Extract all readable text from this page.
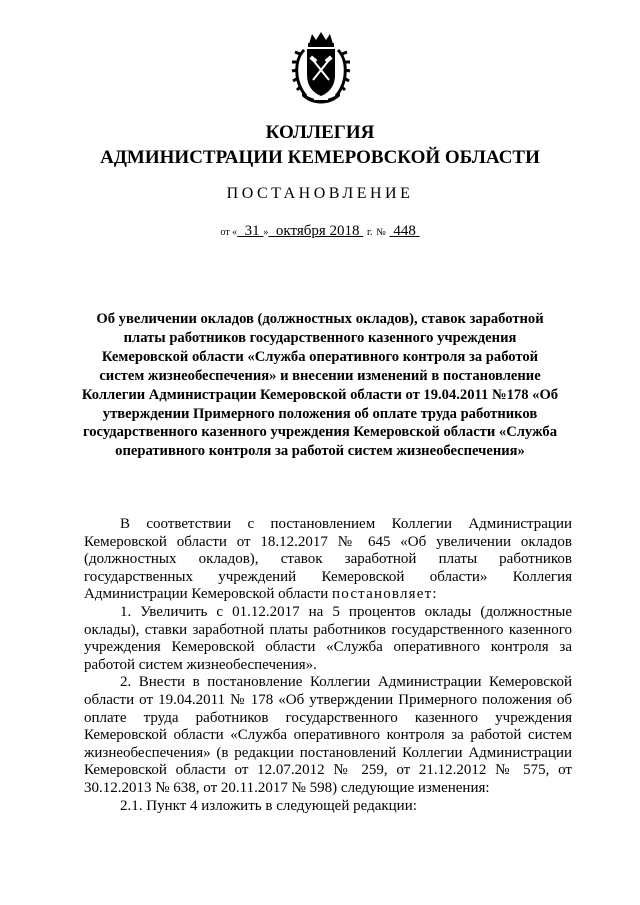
КОЛЛЕГИЯ
АДМИНИСТРАЦИИ КЕМЕРОВСКОЙ ОБЛАСТИ
ПОСТАНОВЛЕНИЕ
от « 31 » октября 2018 г. № 448
Об увеличении окладов (должностных окладов), ставок заработной платы работников государственного казенного учреждения Кемеровской области «Служба оперативного контроля за работой систем жизнеобеспечения» и внесении изменений в постановление Коллегии Администрации Кемеровской области от 19.04.2011 №178 «Об утверждении Примерного положения об оплате труда работников государственного казенного учреждения Кемеровской области «Служба оперативного контроля за работой систем жизнеобеспечения»

В соответствии с постановлением Коллегии Администрации Кемеровской области от 18.12.2017 № 645 «Об увеличении окладов (должностных окладов), ставок заработной платы работников государственных учреждений Кемеровской области» Коллегия Администрации Кемеровской области постановляет:

1. Увеличить с 01.12.2017 на 5 процентов оклады (должностные оклады), ставки заработной платы работников государственного казенного учреждения Кемеровской области «Служба оперативного контроля за работой систем жизнеобеспечения».

2. Внести в постановление Коллегии Администрации Кемеровской области от 19.04.2011 № 178 «Об утверждении Примерного положения об оплате труда работников государственного казенного учреждения Кемеровской области «Служба оперативного контроля за работой систем жизнеобеспечения» (в редакции постановлений Коллегии Администрации Кемеровской области от 12.07.2012 № 259, от 21.12.2012 № 575, от 30.12.2013 № 638, от 20.11.2017 № 598) следующие изменения:

2.1. Пункт 4 изложить в следующей редакции:
